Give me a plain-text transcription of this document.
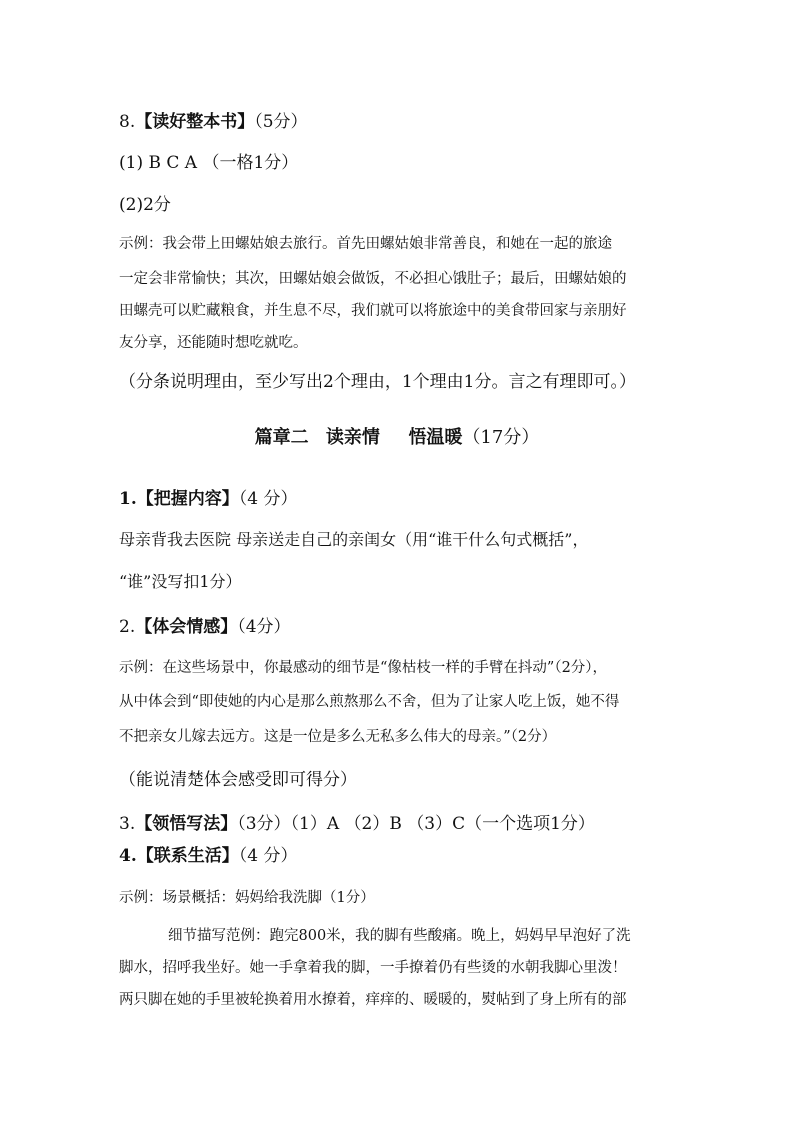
8.【读好整本书】（5分）
(1) B C A （一格1分）
(2)2分
示例：我会带上田螺姑娘去旅行。首先田螺姑娘非常善良，和她在一起的旅途
一定会非常愉快；其次，田螺姑娘会做饭，不必担心饿肚子；最后，田螺姑娘的
田螺壳可以贮藏粮食，并生息不尽，我们就可以将旅途中的美食带回家与亲朋好
友分享，还能随时想吃就吃。
（分条说明理由，至少写出2个理由，1个理由1分。言之有理即可。）
篇章二 读亲情 悟温暖（17分）
1.【把握内容】（4 分）
母亲背我去医院 母亲送走自己的亲闺女（用“谁干什么句式概括”，
“谁”没写扣1分）
2.【体会情感】（4分）
示例：在这些场景中，你最感动的细节是“像枯枝一样的手臂在抖动”（2分），
从中体会到“即使她的内心是那么煎熬那么不舍，但为了让家人吃上饭，她不得
不把亲女儿嫁去远方。这是一位是多么无私多么伟大的母亲。”（2分）
（能说清楚体会感受即可得分）
3.【领悟写法】（3分）（1）A （2）B （3）C（一个选项1分）
4.【联系生活】（4 分）
示例：场景概括：妈妈给我洗脚（1分）
细节描写范例：跑完800米，我的脚有些酸痛。晚上，妈妈早早泡好了洗
脚水，招呼我坐好。她一手拿着我的脚，一手撩着仍有些烫的水朝我脚心里泼！
两只脚在她的手里被轮换着用水撩着，痒痒的、暖暖的，熨帖到了身上所有的部
